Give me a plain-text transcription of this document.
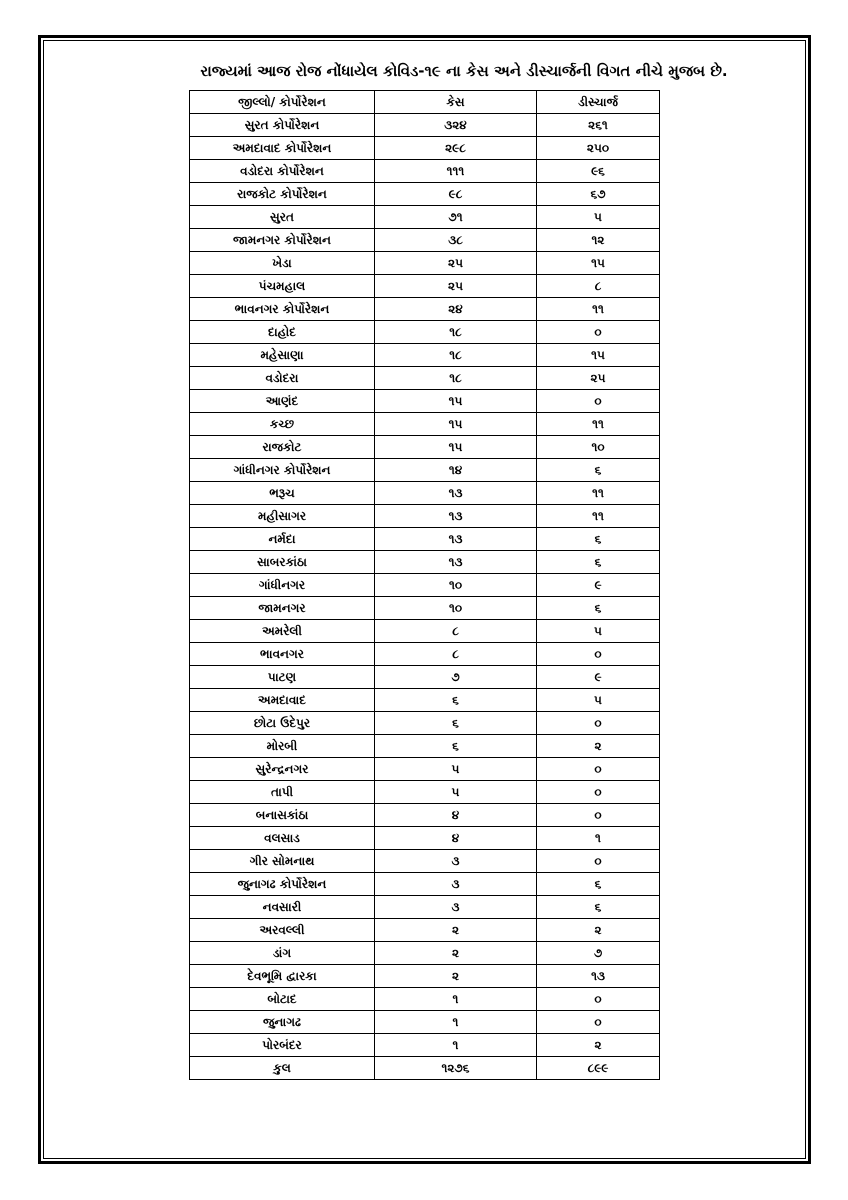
રાજ્યમાં આજ રોજ નોંધાયેલ કોવિડ-૧૯ ના કેસ અને ડીસ્ચાર્જની વિગત નીચે મુજબ છે.
જીલ્લો/ કોર્પોરેશન	કેસ	ડીસ્ચાર્જ
સુરત કોર્પોરેશન	૩૨૪	૨૬૧
અમદાવાદ કોર્પોરેશન	૨૯૮	૨૫૦
વડોદરા કોર્પોરેશન	૧૧૧	૯૬
રાજકોટ કોર્પોરેશન	૯૮	૬૭
સુરત	૭૧	૫
જામનગર કોર્પોરેશન	૩૮	૧૨
ખેડા	૨૫	૧૫
પંચમહાલ	૨૫	૮
ભાવનગર કોર્પોરેશન	૨૪	૧૧
દાહોદ	૧૮	૦
મહેસાણા	૧૮	૧૫
વડોદરા	૧૮	૨૫
આણંદ	૧૫	૦
કચ્છ	૧૫	૧૧
રાજકોટ	૧૫	૧૦
ગાંધીનગર કોર્પોરેશન	૧૪	૬
ભરૂચ	૧૩	૧૧
મહીસાગર	૧૩	૧૧
નર્મદા	૧૩	૬
સાબરકાંઠા	૧૩	૬
ગાંધીનગર	૧૦	૯
જામનગર	૧૦	૬
અમરેલી	૮	૫
ભાવનગર	૮	૦
પાટણ	૭	૯
અમદાવાદ	૬	૫
છોટા ઉદેપુર	૬	૦
મોરબી	૬	૨
સુરેન્દ્રનગર	૫	૦
તાપી	૫	૦
બનાસકાંઠા	૪	૦
વલસાડ	૪	૧
ગીર સોમનાથ	૩	૦
જુનાગઢ કોર્પોરેશન	૩	૬
નવસારી	૩	૬
અરવલ્લી	૨	૨
ડાંગ	૨	૭
દેવભૂમિ દ્વારકા	૨	૧૩
બોટાદ	૧	૦
જુનાગઢ	૧	૦
પોરબંદર	૧	૨
કુલ	૧૨૭૬	૮૯૯
